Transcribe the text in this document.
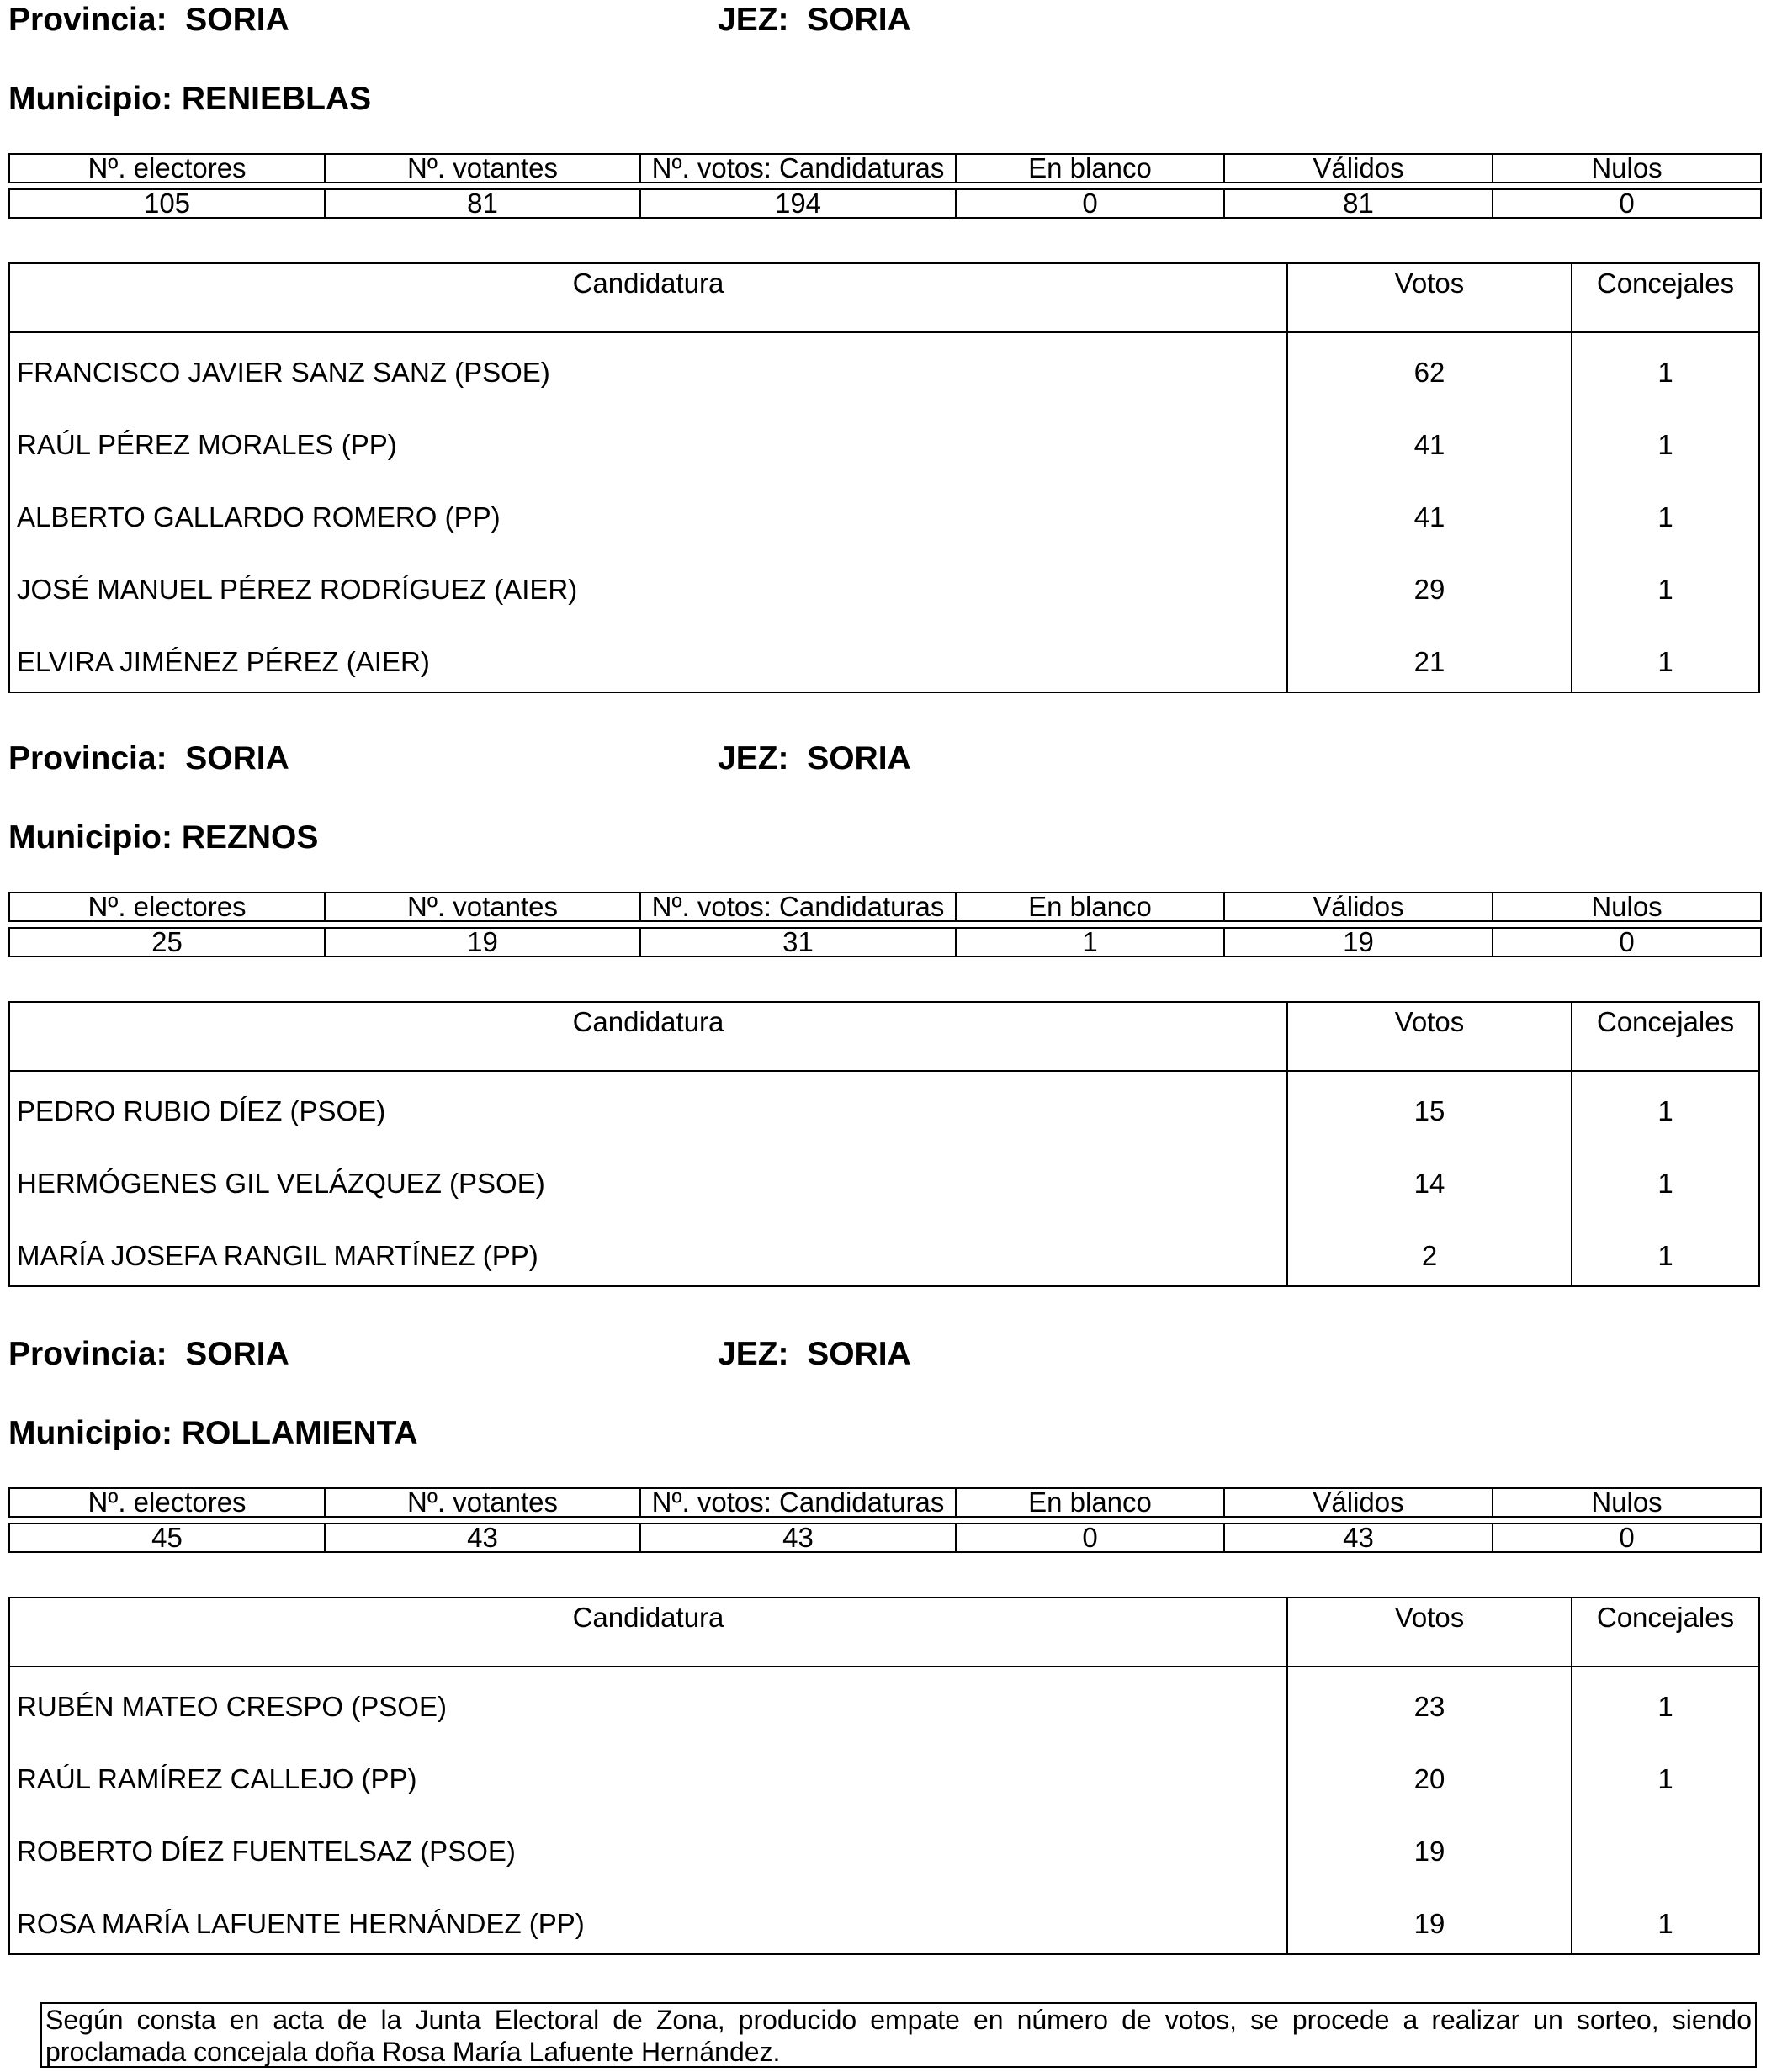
Provincia: SORIA	JEZ: SORIA
Municipio: RENIEBLAS
Nº. electores	Nº. votantes	Nº. votos: Candidaturas	En blanco	Válidos	Nulos

105	81	194	0	81	0
Candidatura	Votos	Concejales
FRANCISCO JAVIER SANZ SANZ (PSOE)	62	1
RAÚL PÉREZ MORALES (PP)	41	1
ALBERTO GALLARDO ROMERO (PP)	41	1
JOSÉ MANUEL PÉREZ RODRÍGUEZ (AIER)	29	1
ELVIRA JIMÉNEZ PÉREZ (AIER)	21	1
Provincia: SORIA	JEZ: SORIA
Municipio: REZNOS
Nº. electores	Nº. votantes	Nº. votos: Candidaturas	En blanco	Válidos	Nulos

25	19	31	1	19	0
Candidatura	Votos	Concejales
PEDRO RUBIO DÍEZ (PSOE)	15	1
HERMÓGENES GIL VELÁZQUEZ (PSOE)	14	1
MARÍA JOSEFA RANGIL MARTÍNEZ (PP)	2	1
Provincia: SORIA	JEZ: SORIA
Municipio: ROLLAMIENTA
Nº. electores	Nº. votantes	Nº. votos: Candidaturas	En blanco	Válidos	Nulos

45	43	43	0	43	0
Candidatura	Votos	Concejales
RUBÉN MATEO CRESPO (PSOE)	23	1
RAÚL RAMÍREZ CALLEJO (PP)	20	1
ROBERTO DÍEZ FUENTELSAZ (PSOE)	19
ROSA MARÍA LAFUENTE HERNÁNDEZ (PP)	19	1
Según consta en acta de la Junta Electoral de Zona, producido empate en número de votos, se procede a realizar un sorteo, siendo proclamada concejala doña Rosa María Lafuente Hernández.
